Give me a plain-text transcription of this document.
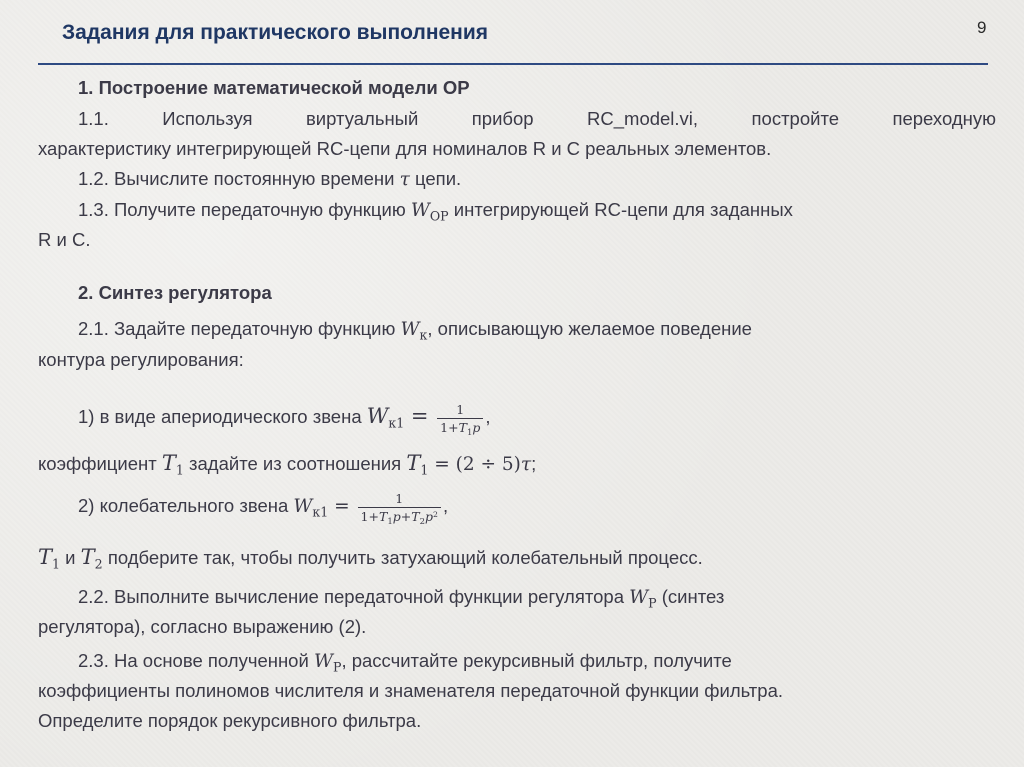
Задания для практического выполнения	9
1. Построение математической модели ОР
1.1. Используя виртуальный прибор RC_model.vi, постройте переходную
характеристику интегрирующей RC-цепи для номиналов R и C реальных элементов.
1.2. Вычислите постоянную времени τ цепи.
1.3. Получите передаточную функцию $W_{ОР}$ интегрирующей RC-цепи для заданных
R и C.
2. Синтез регулятора
2.1. Задайте передаточную функцию $W_к$, описывающую желаемое поведение
контура регулирования:
1) в виде апериодического звена $W_{к1} = \frac{1}{1+T_1p}$ ,
коэффициент $T_1$ задайте из соотношения $T_1 = (2 \div 5)\tau$;
2) колебательного звена $W_{к1} = \frac{1}{1+T_1p+T_2p^2}$ ,
$T_1$ и $T_2$ подберите так, чтобы получить затухающий колебательный процесс.
2.2. Выполните вычисление передаточной функции регулятора $W_Р$ (синтез
регулятора), согласно выражению (2).
2.3. На основе полученной $W_Р$, рассчитайте рекурсивный фильтр, получите
коэффициенты полиномов числителя и знаменателя передаточной функции фильтра.
Определите порядок рекурсивного фильтра.
